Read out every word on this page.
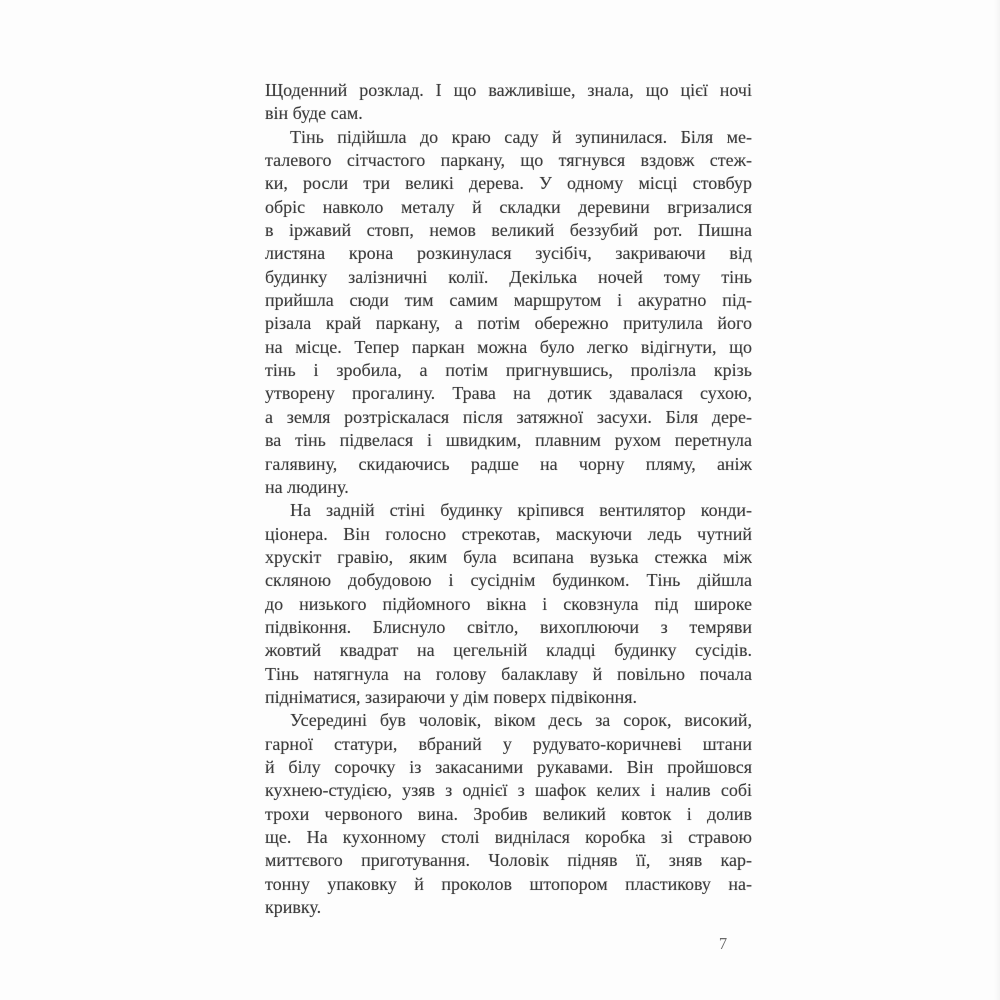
Щоденний розклад. І що важливіше, знала, що цієї ночі
він буде сам.
Тінь підійшла до краю саду й зупинилася. Біля ме-
талевого сітчастого паркану, що тягнувся вздовж стеж-
ки, росли три великі дерева. У одному місці стовбур
обріс навколо металу й складки деревини вгризалися
в іржавий стовп, немов великий беззубий рот. Пишна
листяна крона розкинулася зусібіч, закриваючи від
будинку залізничні колії. Декілька ночей тому тінь
прийшла сюди тим самим маршрутом і акуратно під-
різала край паркану, а потім обережно притулила його
на місце. Тепер паркан можна було легко відігнути, що
тінь і зробила, а потім пригнувшись, пролізла крізь
утворену прогалину. Трава на дотик здавалася сухою,
а земля розтріскалася після затяжної засухи. Біля дере-
ва тінь підвелася і швидким, плавним рухом перетнула
галявину, скидаючись радше на чорну пляму, аніж
на людину.
На задній стіні будинку кріпився вентилятор конди-
ціонера. Він голосно стрекотав, маскуючи ледь чутний
хрускіт гравію, яким була всипана вузька стежка між
скляною добудовою і сусіднім будинком. Тінь дійшла
до низького підйомного вікна і сковзнула під широке
підвіконня. Блиснуло світло, вихоплюючи з темряви
жовтий квадрат на цегельній кладці будинку сусідів.
Тінь натягнула на голову балаклаву й повільно почала
підніматися, зазираючи у дім поверх підвіконня.
Усередині був чоловік, віком десь за сорок, високий,
гарної статури, вбраний у рудувато-коричневі штани
й білу сорочку із закасаними рукавами. Він пройшовся
кухнею-студією, узяв з однієї з шафок келих і налив собі
трохи червоного вина. Зробив великий ковток і долив
ще. На кухонному столі виднілася коробка зі стравою
миттєвого приготування. Чоловік підняв її, зняв кар-
тонну упаковку й проколов штопором пластикову на-
кривку.
7
